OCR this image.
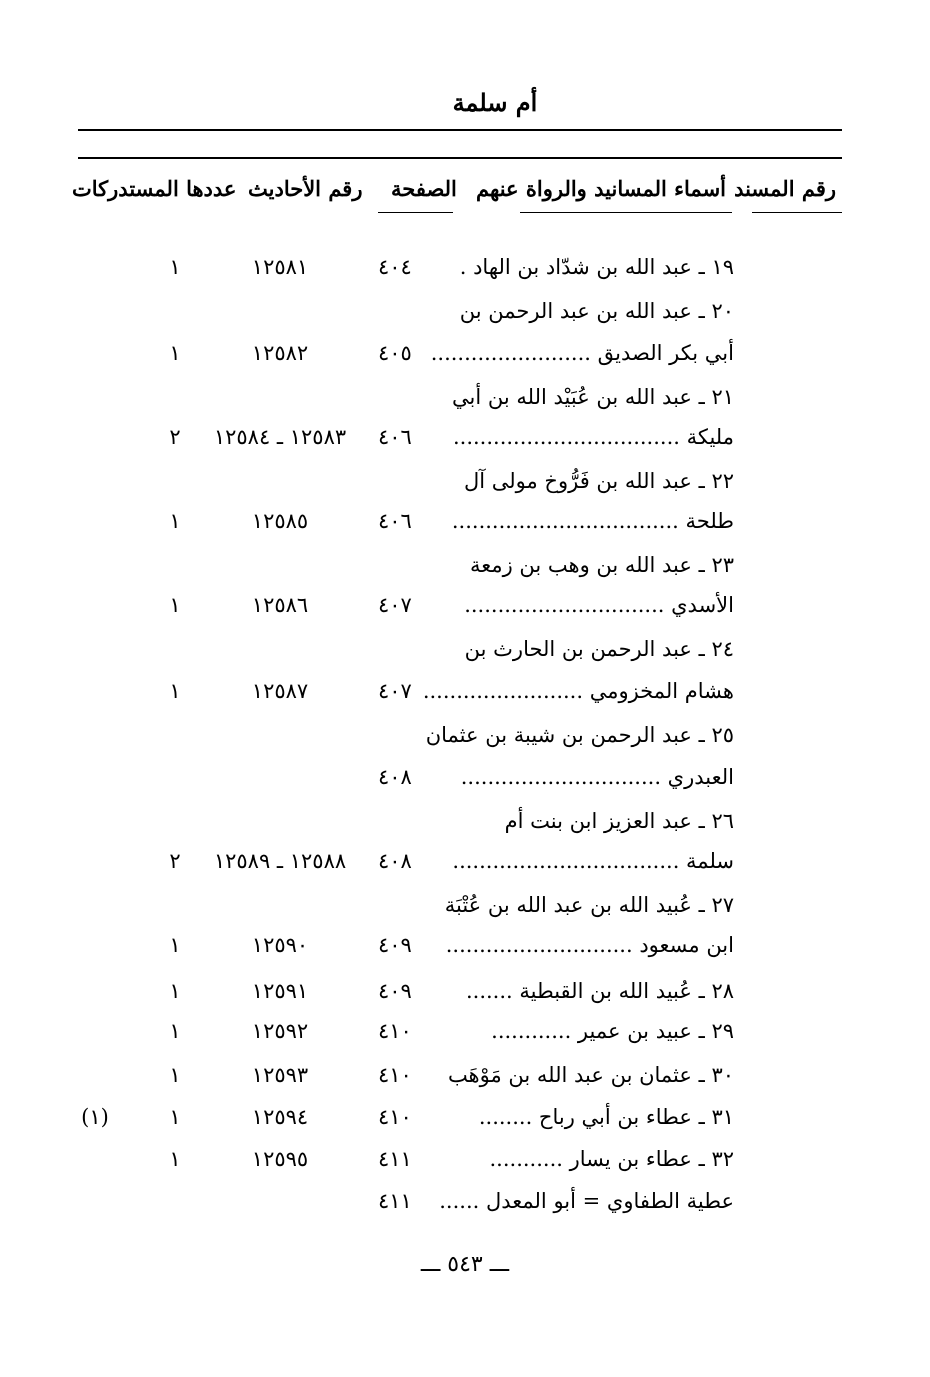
أم سلمة
رقم المسند
أسماء المسانيد والرواة عنهم
الصفحة
رقم الأحاديث
عددها المستدركات
١٩ ـ عبد الله بن شدّاد بن الهاد .
٤٠٤
١٢٥٨١
١
٢٠ ـ عبد الله بن عبد الرحمن بن
أبي بكر الصديق ........................
٤٠٥
١٢٥٨٢
١
٢١ ـ عبد الله بن عُبَيْد الله بن أبي
مليكة ..................................
٤٠٦
١٢٥٨٣ ـ ١٢٥٨٤
٢
٢٢ ـ عبد الله بن فَرُّوخ مولى آل
طلحة ..................................
٤٠٦
١٢٥٨٥
١
٢٣ ـ عبد الله بن وهب بن زمعة
الأسدي ..............................
٤٠٧
١٢٥٨٦
١
٢٤ ـ عبد الرحمن بن الحارث بن
هشام المخزومي ........................
٤٠٧
١٢٥٨٧
١
٢٥ ـ عبد الرحمن بن شيبة بن عثمان
العبدري ..............................
٤٠٨
٢٦ ـ عبد العزيز ابن بنت أم
سلمة ..................................
٤٠٨
١٢٥٨٨ ـ ١٢٥٨٩
٢
٢٧ ـ عُبيد الله بن عبد الله بن عُتْبَة
ابن مسعود ............................
٤٠٩
١٢٥٩٠
١
٢٨ ـ عُبيد الله بن القبطية .......
٤٠٩
١٢٥٩١
١
٢٩ ـ عبيد بن عمير ............
٤١٠
١٢٥٩٢
١
٣٠ ـ عثمان بن عبد الله بن مَوْهَب
٤١٠
١٢٥٩٣
١
٣١ ـ عطاء بن أبي رباح ........
٤١٠
١٢٥٩٤
١
(١)
٣٢ ـ عطاء بن يسار ...........
٤١١
١٢٥٩٥
١
عطية الطفاوي = أبو المعدل ......
٤١١
ـــ ٥٤٣ ـــ
